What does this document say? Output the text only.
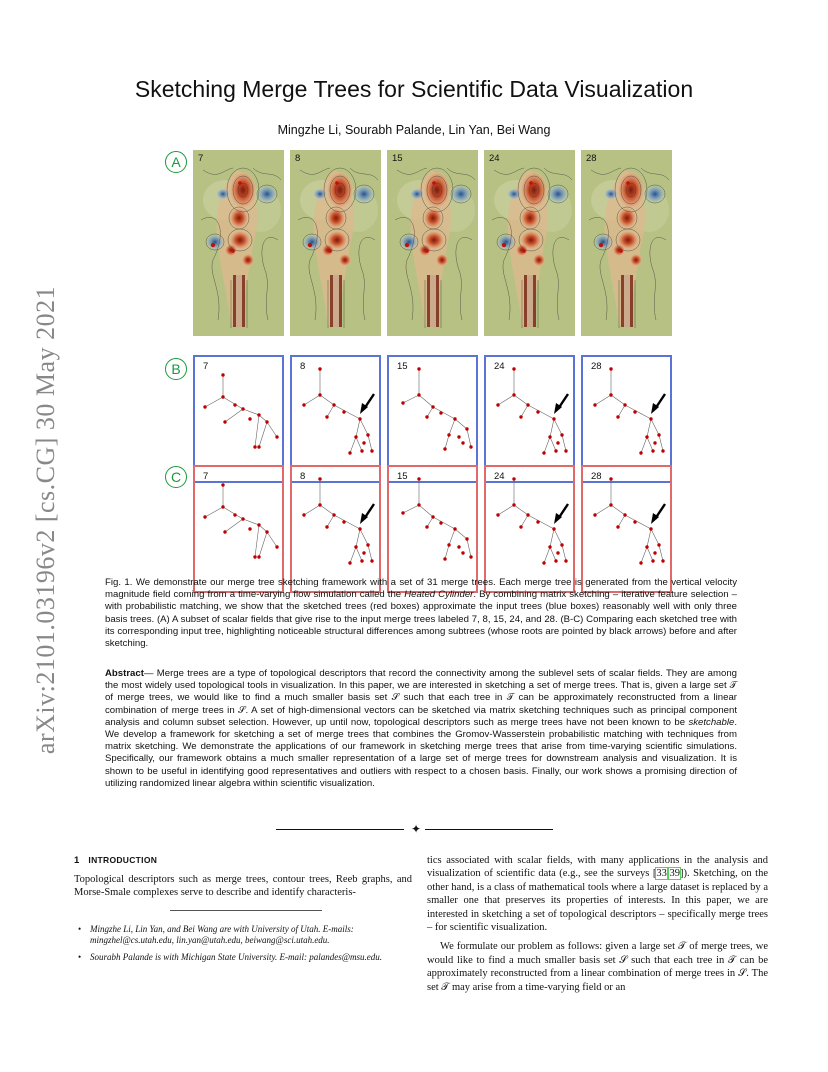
arXiv:2101.03196v2 [cs.CG] 30 May 2021
Sketching Merge Trees for Scientific Data Visualization
Mingzhe Li, Sourabh Palande, Lin Yan, Bei Wang
A
B
C
7	8	15	24	28
7	8	15	24	28
7	8	15	24	28
Fig. 1. We demonstrate our merge tree sketching framework with a set of 31 merge trees. Each merge tree is generated from the vertical velocity magnitude field coming from a time-varying flow simulation called the Heated Cylinder. By combining matrix sketching – iterative feature selection – with probabilistic matching, we show that the sketched trees (red boxes) approximate the input trees (blue boxes) reasonably well with only three basis trees. (A) A subset of scalar fields that give rise to the input merge trees labeled 7, 8, 15, 24, and 28. (B-C) Comparing each sketched tree with its corresponding input tree, highlighting noticeable structural differences among subtrees (whose roots are pointed by black arrows) before and after sketching.
Abstract— Merge trees are a type of topological descriptors that record the connectivity among the sublevel sets of scalar fields. They are among the most widely used topological tools in visualization. In this paper, we are interested in sketching a set of merge trees. That is, given a large set 𝒯 of merge trees, we would like to find a much smaller basis set 𝒮 such that each tree in 𝒯 can be approximately reconstructed from a linear combination of merge trees in 𝒮. A set of high-dimensional vectors can be sketched via matrix sketching techniques such as principal component analysis and column subset selection. However, up until now, topological descriptors such as merge trees have not been known to be sketchable. We develop a framework for sketching a set of merge trees that combines the Gromov-Wasserstein probabilistic matching with techniques from matrix sketching. We demonstrate the applications of our framework in sketching merge trees that arise from time-varying scientific simulations. Specifically, our framework obtains a much smaller representation of a large set of merge trees for downstream analysis and visualization. It is shown to be useful in identifying good representatives and outliers with respect to a chosen basis. Finally, our work shows a promising direction of utilizing randomized linear algebra within scientific visualization.
✦
1 INTRODUCTION
Topological descriptors such as merge trees, contour trees, Reeb graphs, and Morse-Smale complexes serve to describe and identify characteris-
• Mingzhe Li, Lin Yan, and Bei Wang are with University of Utah. E-mails: mingzhel@cs.utah.edu, lin.yan@utah.edu, beiwang@sci.utah.edu.
• Sourabh Palande is with Michigan State University. E-mail: palandes@msu.edu.
tics associated with scalar fields, with many applications in the analysis and visualization of scientific data (e.g., see the surveys [33,39]). Sketching, on the other hand, is a class of mathematical tools where a large dataset is replaced by a smaller one that preserves its properties of interests. In this paper, we are interested in sketching a set of topological descriptors – specifically merge trees – for scientific visualization.
We formulate our problem as follows: given a large set 𝒯 of merge trees, we would like to find a much smaller basis set 𝒮 such that each tree in 𝒯 can be approximately reconstructed from a linear combination of merge trees in 𝒮. The set 𝒯 may arise from a time-varying field or an
